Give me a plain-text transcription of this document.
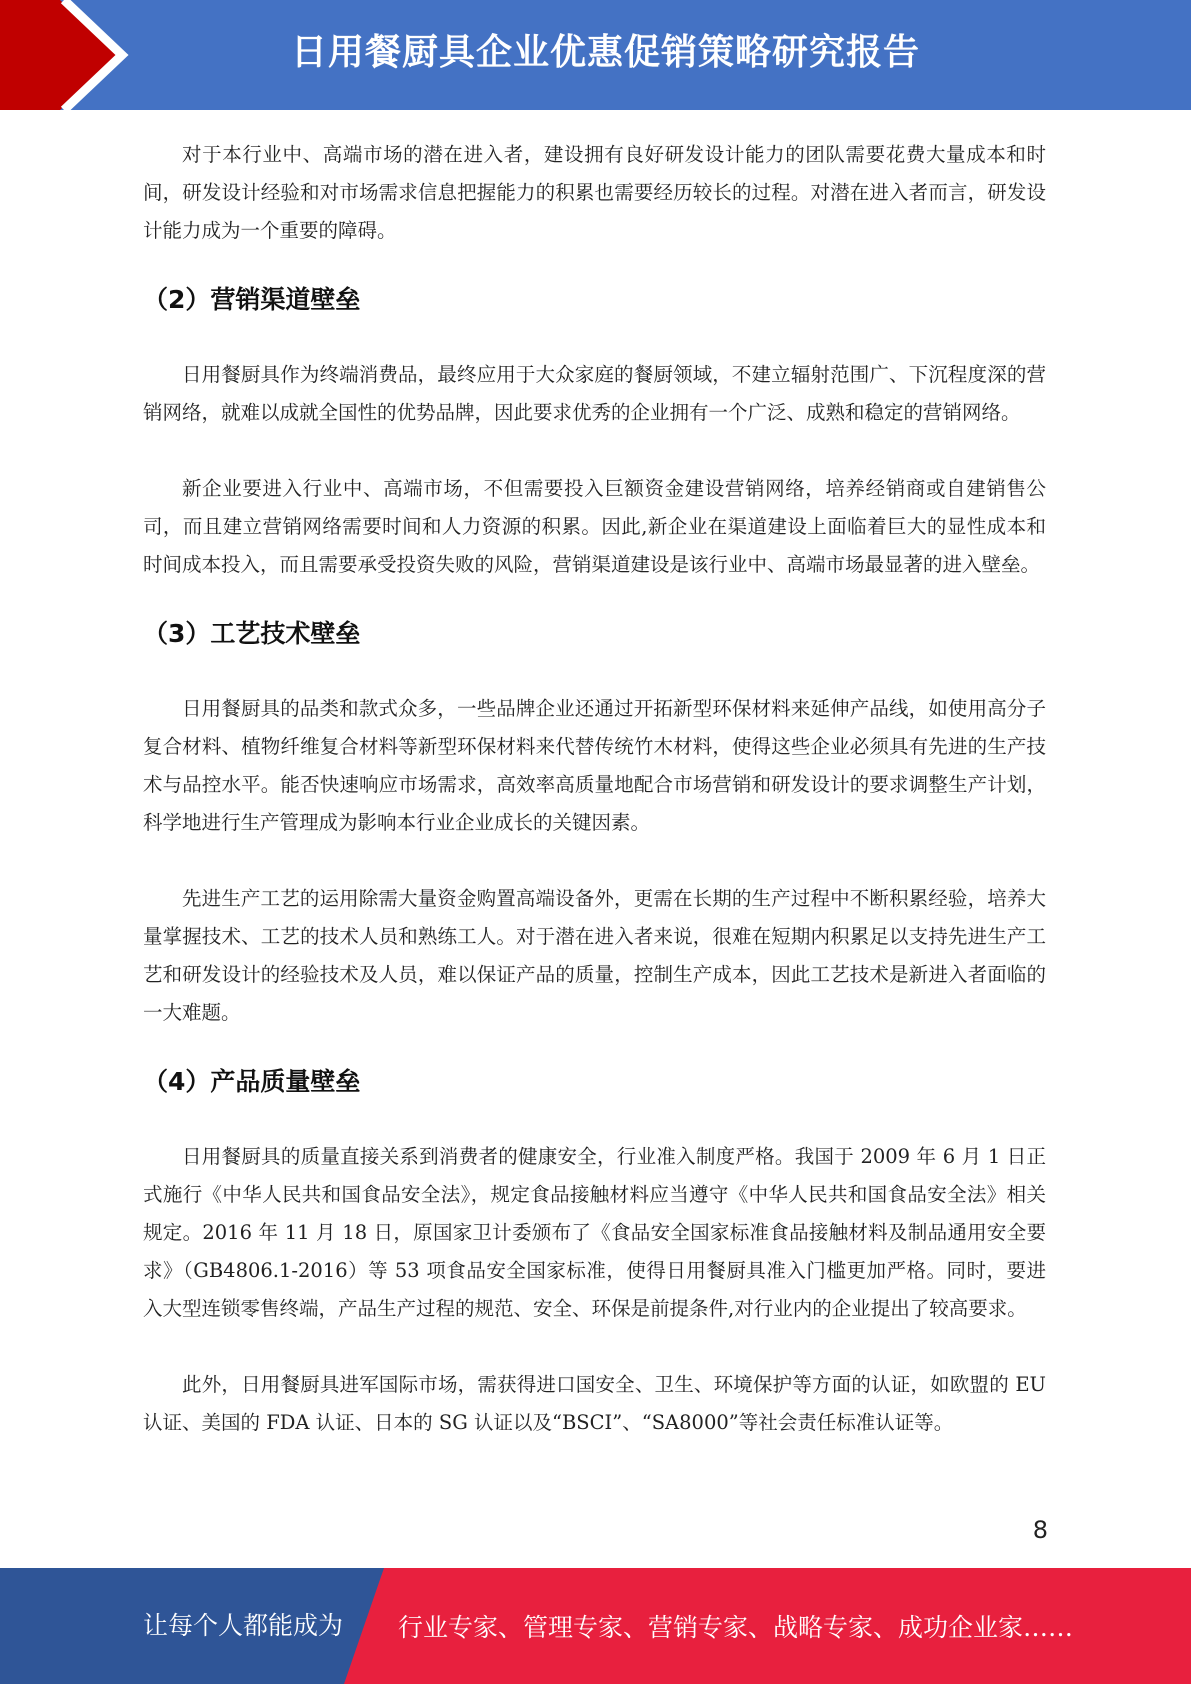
日用餐厨具企业优惠促销策略研究报告

对于本行业中、高端市场的潜在进入者，建设拥有良好研发设计能力的团队需要花费大量成本和时间，研发设计经验和对市场需求信息把握能力的积累也需要经历较长的过程。对潜在进入者而言，研发设计能力成为一个重要的障碍。

（2）营销渠道壁垒

日用餐厨具作为终端消费品，最终应用于大众家庭的餐厨领域，不建立辐射范围广、下沉程度深的营销网络，就难以成就全国性的优势品牌，因此要求优秀的企业拥有一个广泛、成熟和稳定的营销网络。

新企业要进入行业中、高端市场，不但需要投入巨额资金建设营销网络，培养经销商或自建销售公司，而且建立营销网络需要时间和人力资源的积累。因此,新企业在渠道建设上面临着巨大的显性成本和时间成本投入，而且需要承受投资失败的风险，营销渠道建设是该行业中、高端市场最显著的进入壁垒。

（3）工艺技术壁垒

日用餐厨具的品类和款式众多，一些品牌企业还通过开拓新型环保材料来延伸产品线，如使用高分子复合材料、植物纤维复合材料等新型环保材料来代替传统竹木材料，使得这些企业必须具有先进的生产技术与品控水平。能否快速响应市场需求，高效率高质量地配合市场营销和研发设计的要求调整生产计划，科学地进行生产管理成为影响本行业企业成长的关键因素。

先进生产工艺的运用除需大量资金购置高端设备外，更需在长期的生产过程中不断积累经验，培养大量掌握技术、工艺的技术人员和熟练工人。对于潜在进入者来说，很难在短期内积累足以支持先进生产工艺和研发设计的经验技术及人员，难以保证产品的质量，控制生产成本，因此工艺技术是新进入者面临的一大难题。

（4）产品质量壁垒

日用餐厨具的质量直接关系到消费者的健康安全，行业准入制度严格。我国于 2009 年 6 月 1 日正式施行《中华人民共和国食品安全法》，规定食品接触材料应当遵守《中华人民共和国食品安全法》相关规定。2016 年 11 月 18 日，原国家卫计委颁布了《食品安全国家标准食品接触材料及制品通用安全要求》（GB4806.1-2016）等 53 项食品安全国家标准，使得日用餐厨具准入门槛更加严格。同时，要进入大型连锁零售终端，产品生产过程的规范、安全、环保是前提条件,对行业内的企业提出了较高要求。

此外，日用餐厨具进军国际市场，需获得进口国安全、卫生、环境保护等方面的认证，如欧盟的 EU 认证、美国的 FDA 认证、日本的 SG 认证以及“BSCI”、“SA8000”等社会责任标准认证等。

8
让每个人都能成为 行业专家、管理专家、营销专家、战略专家、成功企业家……
